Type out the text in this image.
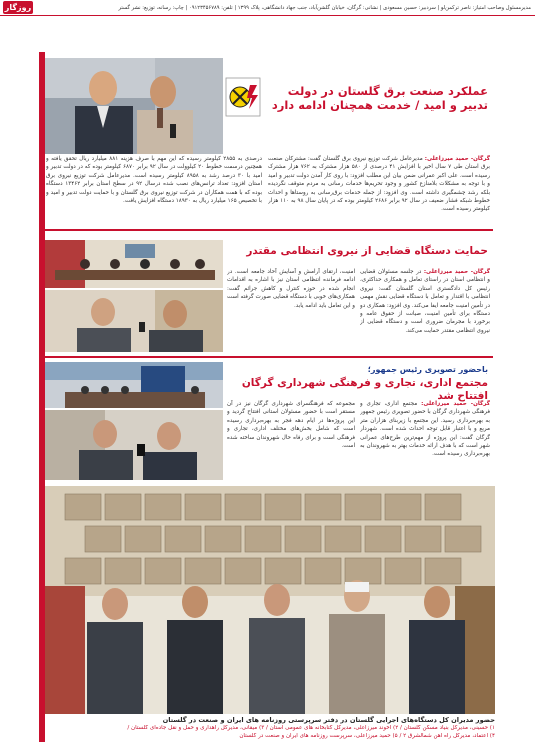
روزگار	مدیرمسئول وصاحب امتیاز: ناصر ترکمن‌لو | سردبیر: حسین مسعودی | نشانی: گرگان، خیابان گلشن‌آباد، جنب جهاد دانشگاهی، پلاک ۱۳۹۹ | تلفن: ۰۹۱۲۳۴۵۶۷۸۹ | چاپ: رسانه، توزیع: نشر گستر
عملکرد صنعت برق گلستان در دولت تدبیر و امید / خدمت همچنان ادامه دارد
گرگان- حمید میرزاعلی: مدیرعامل شرکت توزیع نیروی برق گلستان گفت: مشترکان صنعت برق استان طی ۷ سال اخیر با افزایش ۴۱ درصدی از ۵۸۰ هزار مشترک به ۷۶۲ هزار مشترک رسیده است. علی اکبر عمرانی ضمن بیان این مطلب افزود: با روی کار آمدن دولت تدبیر و امید و با توجه به مشکلات بلامنازع کشور و وجود تحریم‌ها خدمات رسانی به مردم متوقف نگردیده بلکه رشد چشمگیری داشته است. وی افزود: از جمله خدمات برق‌رسانی به روستاها و احداث خطوط شبکه فشار ضعیف در سال ۹۲ برابر ۲۶۸۶ کیلومتر بوده که در پایان سال ۹۸ به ۱۱۰ هزار کیلومتر رسیده است.
درصدی به ۲۸۵۵ کیلومتر رسیده که این مهم با صرف هزینه ۸۸۱ میلیارد ریال تحقق یافته و همچنین درسمت خطوط ۲۰ کیلوولت در سال ۹۲ برابر ۶۸۷۰ کیلومتر بوده که در دولت تدبیر و امید با ۳۰ درصد رشد به ۸۹۵۸ کیلومتر رسیده است. مدیرعامل شرکت توزیع نیروی برق استان افزود: تعداد ترانس‌های نصب شده درسال ۹۲ در سطح استان برابر ۱۳۴۶۲ دستگاه بوده که با همت همکاران در شرکت توزیع نیروی برق گلستان و با حمایت دولت تدبیر و امید و با تخصیص ۱۶۵ میلیارد ریال به ۱۸۹۳۰ دستگاه افزایش یافت.
حمایت دستگاه قضایی از نیروی انتظامی مقتدر
گرگان- حمید میرزاعلی: در جلسه مسئولان قضایی و انتظامی استان در راستای تعامل و همکاری حداکثری، رئیس کل دادگستری استان گلستان گفت: نیروی انتظامی با اقتدار و تعامل با دستگاه قضایی نقش مهمی در تأمین امنیت جامعه ایفا می‌کند. وی افزود: همکاری دو دستگاه برای تأمین امنیت، صیانت از حقوق عامه و برخورد با مجرمان ضروری است و دستگاه قضایی از نیروی انتظامی مقتدر حمایت می‌کند.
امنیت، ارتقای آرامش و آسایش آحاد جامعه است. در ادامه فرمانده انتظامی استان نیز با اشاره به اقدامات انجام شده در حوزه کنترل و کاهش جرائم گفت: همکاری‌های خوبی با دستگاه قضایی صورت گرفته است و این تعامل باید ادامه یابد.
باحضور تصویری رئیس جمهور؛
مجتمع اداری، تجاری و فرهنگی شهرداری گرگان افتتاح شد
گرگان- حمید میرزاعلی: مجتمع اداری، تجاری و فرهنگی شهرداری گرگان با حضور تصویری رئیس جمهور به بهره‌برداری رسید. این مجتمع با زیربنای هزاران متر مربع و با اعتبار قابل توجه احداث شده است. شهردار گرگان گفت: این پروژه از مهم‌ترین طرح‌های عمرانی شهر است که با هدف ارائه خدمات بهتر به شهروندان به بهره‌برداری رسیده است.
مجموعه که فرهنگسرای شهرداری گرگان نیز در آن مستقر است با حضور مسئولان استانی افتتاح گردید و این پروژه‌ها در ایام دهه فجر به بهره‌برداری رسیده است که شامل بخش‌های مختلف اداری، تجاری و فرهنگی است و برای رفاه حال شهروندان ساخته شده است.
حضور مدیران کل دستگاه‌های اجرایی گلستان در دفتر سرپرستی روزنامه های ایران و صنعت در گلستان
۱) حسینی، مدیرکل بنیاد مسکن گلستان / ۲) آخوند میرزاعلی، مدیرکل کتابخانه های عمومی استان / ۳) میقانی، مدیرکل راهداری و حمل و نقل جاده‌ای گلستان /
۴) اعتماد، مدیرکل راه آهن شمالشرق ۲ / ۵) حمید میرزاعلی، سرپرست روزنامه های ایران و صنعت در گلستان
